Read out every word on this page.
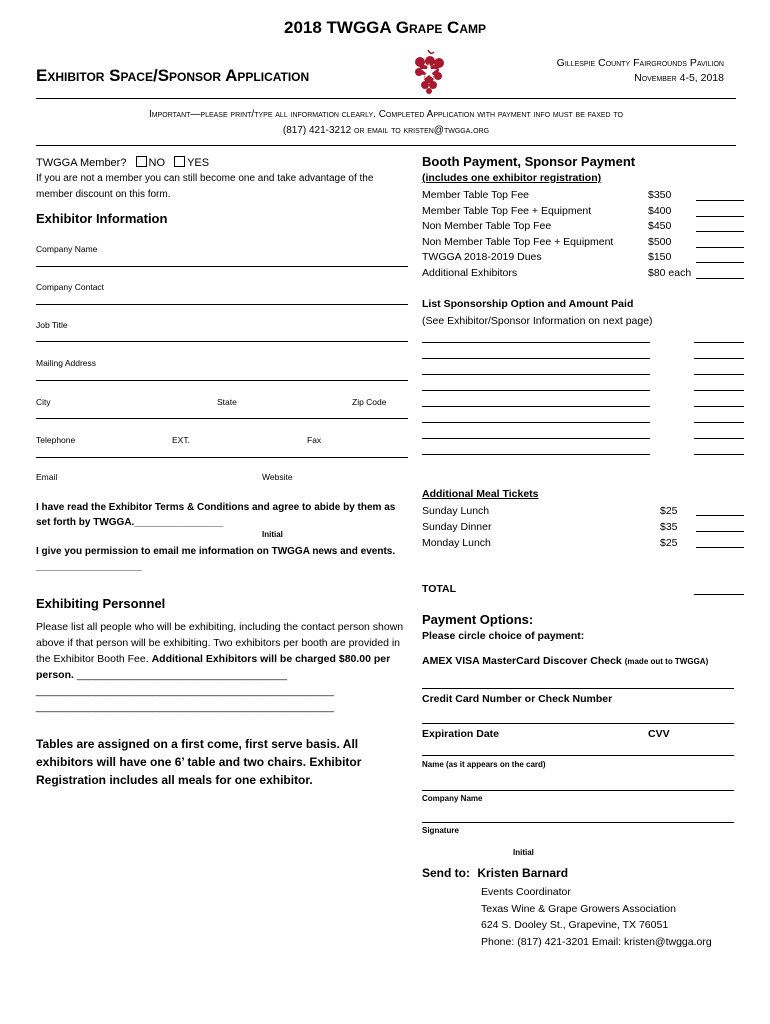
2018 TWGGA Grape Camp
Exhibitor Space/Sponsor Application
Gillespie County Fairgrounds Pavilion
November 4-5, 2018
Important—please print/type all information clearly. Completed Application with payment info must be faxed to
(817) 421-3212 or email to kristen@twgga.org
TWGGA Member? NO YES
If you are not a member you can still become one and take advantage of the member discount on this form.
Exhibitor Information
Company Name
Company Contact
Job Title
Mailing Address
City	State	Zip Code
Telephone	EXT.	Fax
Email	Website
I have read the Exhibitor Terms & Conditions and agree to abide by them as set forth by TWGGA.________________
Initial
I give you permission to email me information on TWGGA news and events. ___________________
Exhibiting Personnel
Please list all people who will be exhibiting, including the contact person shown above if that person will be exhibiting. Two exhibitors per booth are provided in the Exhibitor Booth Fee. Additional Exhibitors will be charged $80.00 per person. ____________________________________
___________________________________________________
___________________________________________________
Tables are assigned on a first come, first serve basis. All exhibitors will have one 6’ table and two chairs. Exhibitor Registration includes all meals for one exhibitor.
Booth Payment, Sponsor Payment
(includes one exhibitor registration)
Member Table Top Fee	$350
Member Table Top Fee + Equipment	$400
Non Member Table Top Fee	$450
Non Member Table Top Fee + Equipment	$500
TWGGA 2018-2019 Dues	$150
Additional Exhibitors	$80 each
List Sponsorship Option and Amount Paid
(See Exhibitor/Sponsor Information on next page)
Additional Meal Tickets
Sunday Lunch	$25
Sunday Dinner	$35
Monday Lunch	$25
TOTAL
Payment Options:
Please circle choice of payment:
AMEX VISA MasterCard Discover Check (made out to TWGGA)
Credit Card Number or Check Number
Expiration Date	CVV
Name (as it appears on the card)
Company Name
Signature
Initial
Send to: Kristen Barnard
Events Coordinator
Texas Wine & Grape Growers Association
624 S. Dooley St., Grapevine, TX 76051
Phone: (817) 421-3201 Email: kristen@twgga.org
